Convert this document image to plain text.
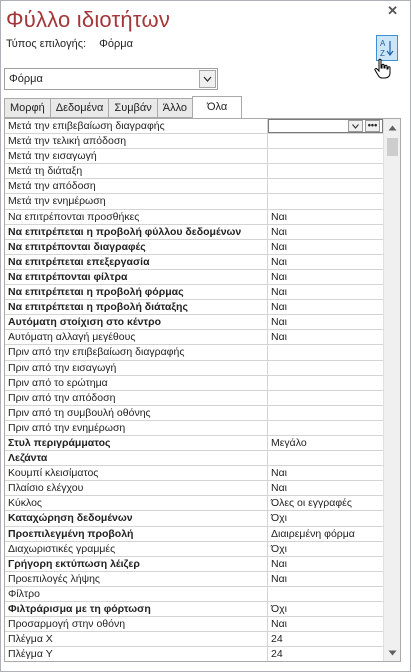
Φύλλο ιδιοτήτων	✕
Τύπος επιλογής: Φόρμα	A
Z
Φόρμα
Μορφή	Δεδομένα	Συμβάν	Άλλο	Όλα
Μετά την επιβεβαίωση διαγραφής	•••
Μετά την τελική απόδοση
Μετά την εισαγωγή
Μετά τη διάταξη
Μετά την απόδοση
Μετά την ενημέρωση
Να επιτρέπονται προσθήκες	Ναι
Να επιτρέπεται η προβολή φύλλου δεδομένων	Ναι
Να επιτρέπονται διαγραφές	Ναι
Να επιτρέπεται επεξεργασία	Ναι
Να επιτρέπονται φίλτρα	Ναι
Να επιτρέπεται η προβολή φόρμας	Ναι
Να επιτρέπεται η προβολή διάταξης	Ναι
Αυτόματη στοίχιση στο κέντρο	Ναι
Αυτόματη αλλαγή μεγέθους	Ναι
Πριν από την επιβεβαίωση διαγραφής
Πριν από την εισαγωγή
Πριν από το ερώτημα
Πριν από την απόδοση
Πριν από τη συμβουλή οθόνης
Πριν από την ενημέρωση
Στυλ περιγράμματος	Μεγάλο
Λεζάντα
Κουμπί κλεισίματος	Ναι
Πλαίσιο ελέγχου	Ναι
Κύκλος	Όλες οι εγγραφές
Καταχώρηση δεδομένων	Όχι
Προεπιλεγμένη προβολή	Διαιρεμένη φόρμα
Διαχωριστικές γραμμές	Όχι
Γρήγορη εκτύπωση λέιζερ	Ναι
Προεπιλογές λήψης	Ναι
Φίλτρο
Φιλτράρισμα με τη φόρτωση	Όχι
Προσαρμογή στην οθόνη	Ναι
Πλέγμα X	24
Πλέγμα Y	24
